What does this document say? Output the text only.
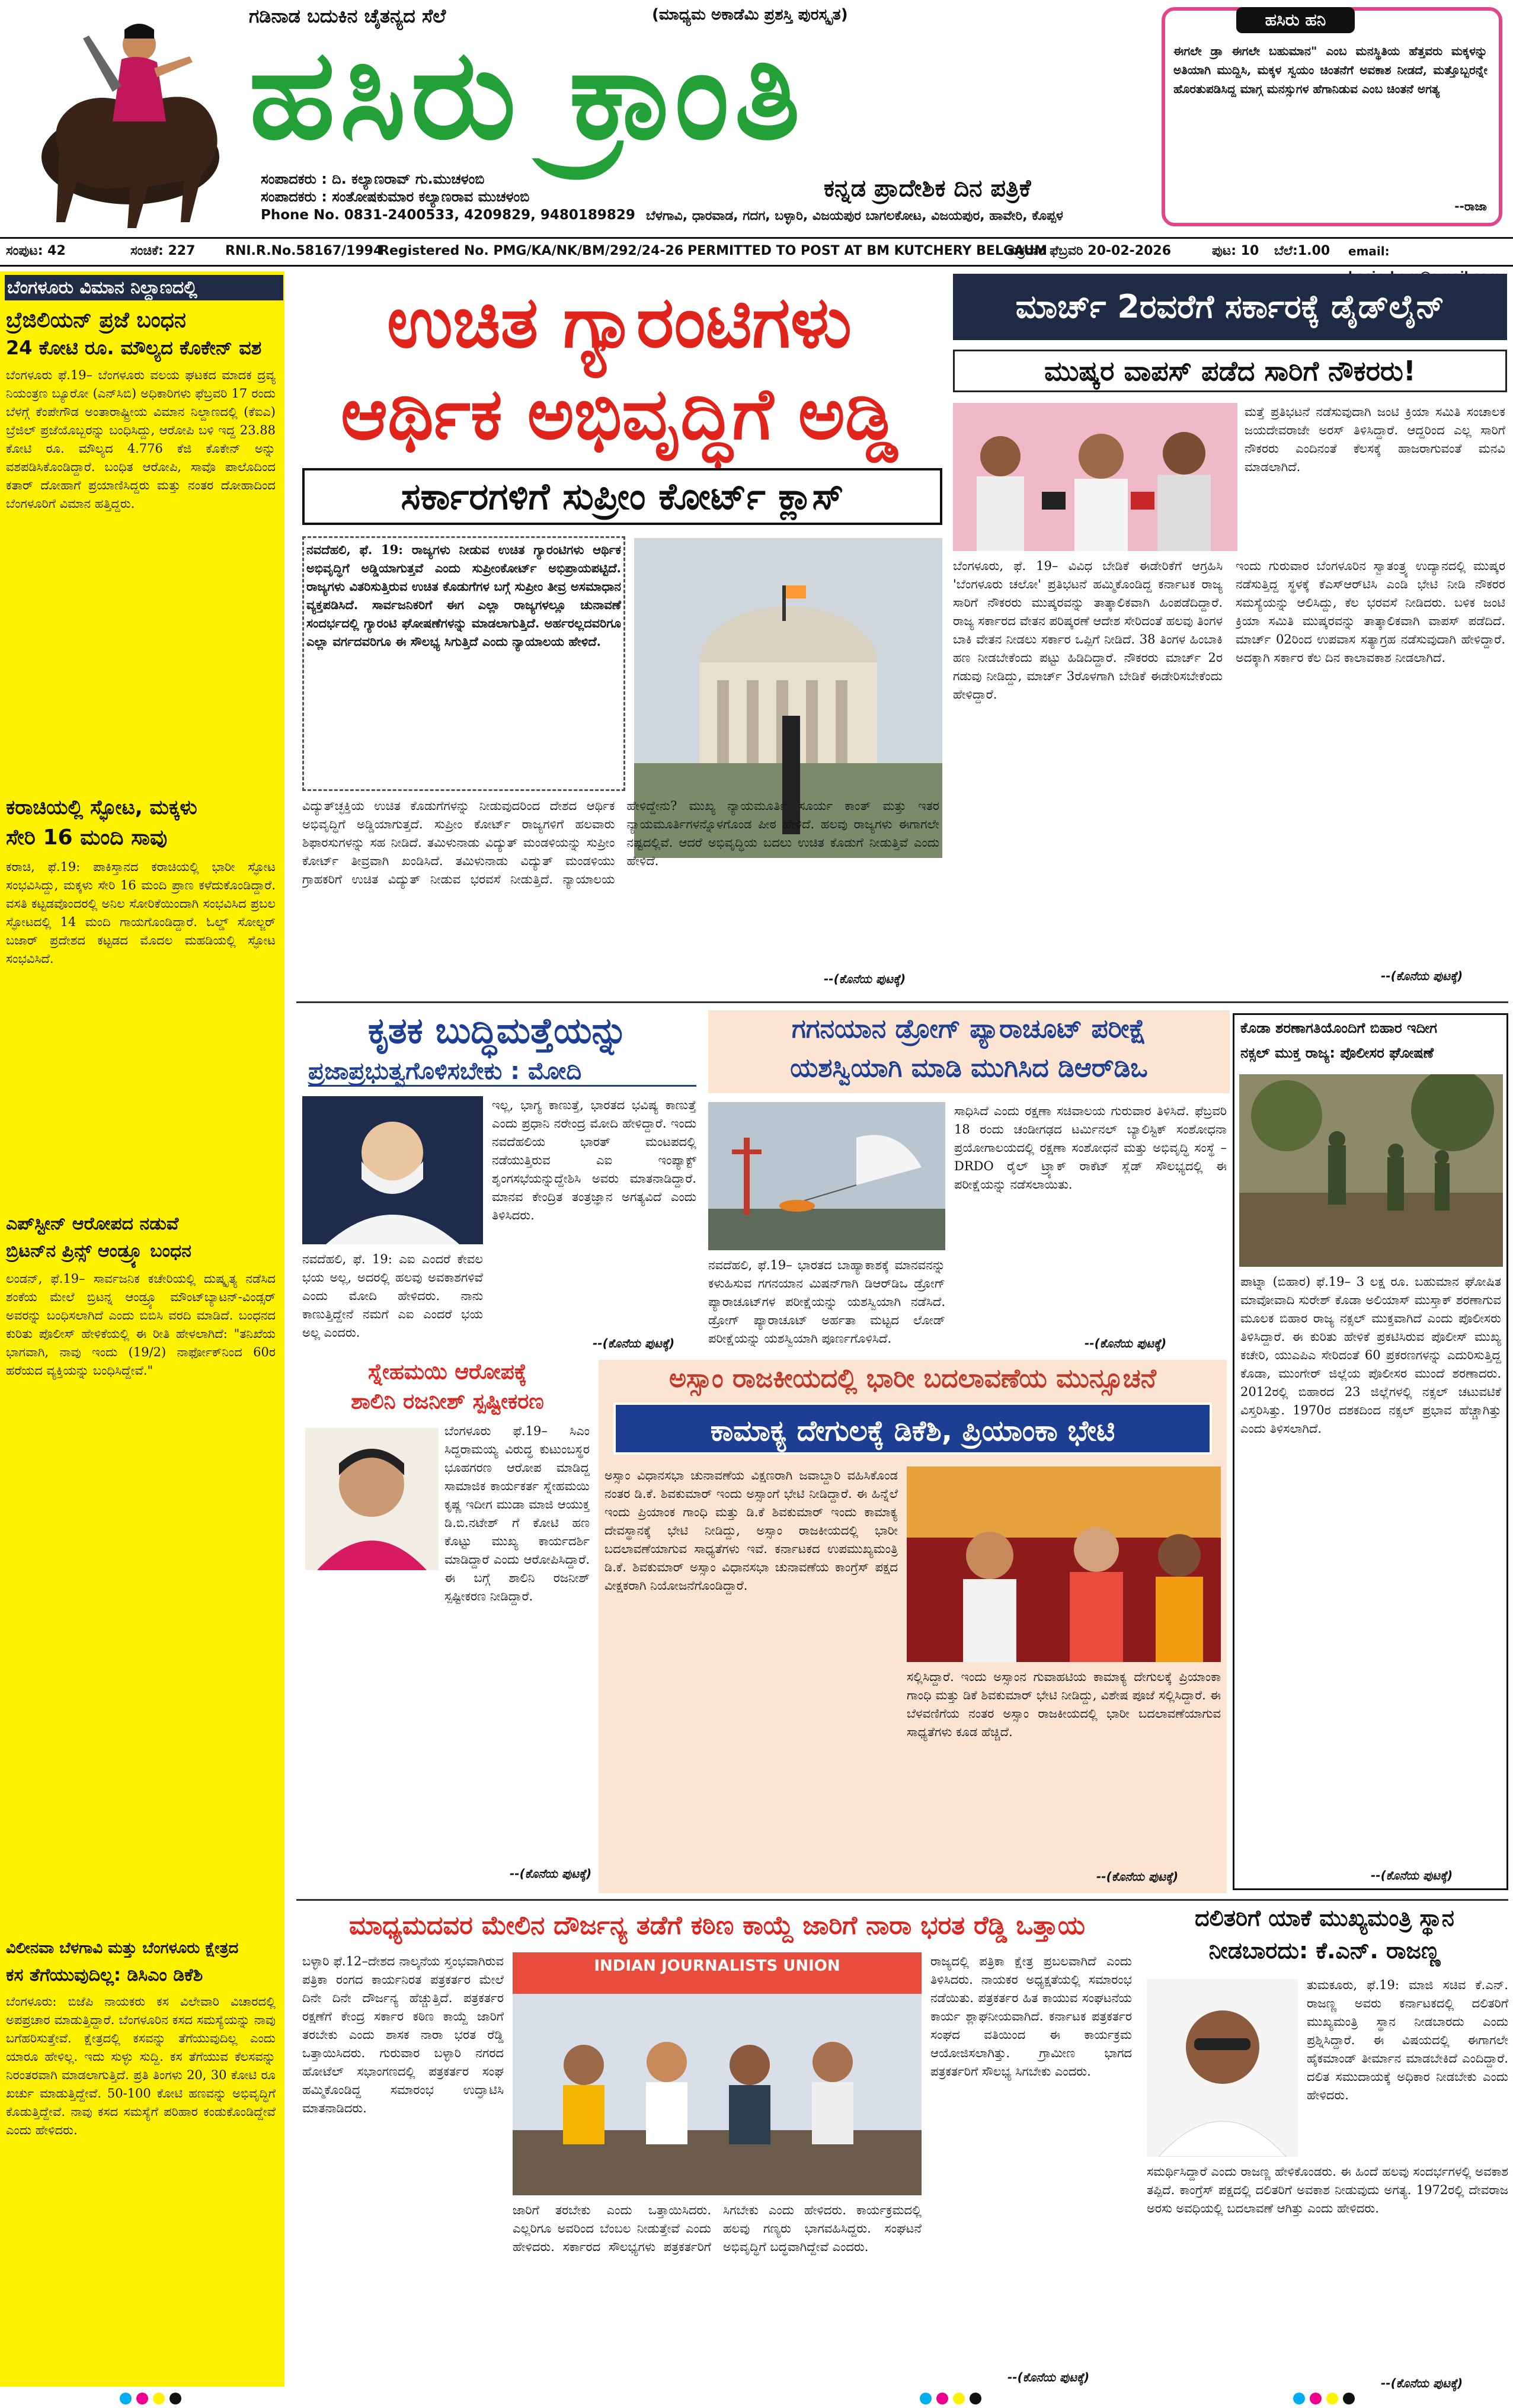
ಗಡಿನಾಡ ಬದುಕಿನ ಚೈತನ್ಯದ ಸೆಲೆ	(ಮಾಧ್ಯಮ ಅಕಾಡೆಮಿ ಪ್ರಶಸ್ತಿ ಪುರಸ್ಕೃತ)
ಹಸಿರು ಕ್ರಾಂತಿ
ಸಂಪಾದಕರು : ದಿ. ಕಲ್ಯಾಣರಾವ್ ಗು.ಮುಚಳಂಬಿ
ಸಂಪಾದಕರು : ಸಂತೋಷಕುಮಾರ ಕಲ್ಯಾಣರಾವ ಮುಚಳಂಬಿ	ಕನ್ನಡ ಪ್ರಾದೇಶಿಕ ದಿನ ಪತ್ರಿಕೆ
Phone No. 0831-2400533, 4209829, 9480189829 ಬೆಳಗಾವಿ, ಧಾರವಾಡ, ಗದಗ, ಬಳ್ಳಾರಿ, ವಿಜಯಪುರ ಬಾಗಲಕೋಟ, ವಿಜಯಪುರ, ಹಾವೇರಿ, ಕೊಪ್ಪಳ
ಹಸಿರು ಹನಿ
ಈಗಲೇ ಡ್ರಾ ಈಗಲೇ ಬಹುಮಾನ" ಎಂಬ ಮನಸ್ಥಿತಿಯ ಹೆತ್ತವರು ಮಕ್ಕಳನ್ನು ಅತಿಯಾಗಿ ಮುದ್ದಿಸಿ, ಮಕ್ಕಳ ಸ್ವಯಂ ಚಿಂತನೆಗೆ ಅವಕಾಶ ನೀಡದೆ, ಮತ್ತೊಬ್ಬರನ್ನೇ ಹೊರತುಪಡಿಸಿದ್ದ ಮಾಗ್ಗ ಮನಸ್ಸುಗಳ ಹೆಗಾನಿಡುವ ಎಂಬ ಚಿಂತನೆ ಅಗತ್ಯ
--ರಾಜಾ
ಸಂಪುಟ: 42	ಸಂಚಿಕೆ: 227 RNI.R.No.58167/1994
Registered No. PMG/KA/NK/BM/292/24-26 PERMITTED TO POST AT BM KUTCHERY BELGAUM
ಶುಕ್ರವಾರ ಫೆಬ್ರವರಿ 20-02-2026	ಪುಟ: 10 ಬೆಲೆ:1.00 email:
ಬೆಂಗಳೂರು ವಿಮಾನ ನಿಲ್ದಾಣದಲ್ಲಿ
ಬ್ರೆಜಿಲಿಯನ್ ಪ್ರಜೆ ಬಂಧನ
24 ಕೋಟಿ ರೂ. ಮೌಲ್ಯದ ಕೊಕೇನ್ ವಶ
ಬೆಂಗಳೂರು ಫೆ.19– ಬೆಂಗಳೂರು ವಲಯ ಘಟಕದ ಮಾದಕ ದ್ರವ್ಯ ನಿಯಂತ್ರಣ ಬ್ಯೂರೋ (ಎನ್‌ಸಿಬಿ) ಅಧಿಕಾರಿಗಳು ಫೆಬ್ರವರಿ 17 ರಂದು ಬೆಳಗ್ಗೆ ಕೆಂಪೇಗೌಡ ಅಂತಾರಾಷ್ಟ್ರೀಯ ವಿಮಾನ ನಿಲ್ದಾಣದಲ್ಲಿ (ಕೆಐಎ) ಬ್ರೆಜಿಲ್ ಪ್ರಜೆಯೊಬ್ಬರನ್ನು ಬಂಧಿಸಿದ್ದು, ಆರೋಪಿ ಬಳಿ ಇದ್ದ 23.88 ಕೋಟಿ ರೂ. ಮೌಲ್ಯದ 4.776 ಕೆಜಿ ಕೊಕೇನ್ ಅನ್ನು ವಶಪಡಿಸಿಕೊಂಡಿದ್ದಾರೆ. ಬಂಧಿತ ಆರೋಪಿ, ಸಾವೊ ಪಾಲೊದಿಂದ ಕತಾರ್ ದೋಹಾಗೆ ಪ್ರಯಾಣಿಸಿದ್ದರು ಮತ್ತು ನಂತರ ದೋಹಾದಿಂದ ಬೆಂಗಳೂರಿಗೆ ವಿಮಾನ ಹತ್ತಿದ್ದರು.
ಕರಾಚಿಯಲ್ಲಿ ಸ್ಫೋಟ, ಮಕ್ಕಳು
ಸೇರಿ 16 ಮಂದಿ ಸಾವು
ಕರಾಚಿ, ಫೆ.19: ಪಾಕಿಸ್ತಾನದ ಕರಾಚಿಯಲ್ಲಿ ಭಾರೀ ಸ್ಫೋಟ ಸಂಭವಿಸಿದ್ದು, ಮಕ್ಕಳು ಸೇರಿ 16 ಮಂದಿ ಪ್ರಾಣ ಕಳೆದುಕೊಂಡಿದ್ದಾರೆ. ವಸತಿ ಕಟ್ಟಡವೊಂದರಲ್ಲಿ ಅನಿಲ ಸೋರಿಕೆಯಿಂದಾಗಿ ಸಂಭವಿಸಿದ ಪ್ರಬಲ ಸ್ಫೋಟದಲ್ಲಿ 14 ಮಂದಿ ಗಾಯಗೊಂಡಿದ್ದಾರೆ. ಓಲ್ಡ್ ಸೋಲ್ಜರ್ ಬಜಾರ್ ಪ್ರದೇಶದ ಕಟ್ಟಡದ ಮೊದಲ ಮಹಡಿಯಲ್ಲಿ ಸ್ಫೋಟ ಸಂಭವಿಸಿದೆ.
ಎಪ್‌ಸ್ಟೀನ್ ಆರೋಪದ ನಡುವೆ
ಬ್ರಿಟನ್‌ನ ಪ್ರಿನ್ಸ್ ಆಂಡ್ರ್ಯೂ ಬಂಧನ
ಲಂಡನ್, ಫೆ.19– ಸಾರ್ವಜನಿಕ ಕಚೇರಿಯಲ್ಲಿ ದುಷ್ಕೃತ್ಯ ನಡೆಸಿದ ಶಂಕೆಯ ಮೇಲೆ ಬ್ರಿಟನ್ನ ಆಂಡ್ರ್ಯೂ ಮೌಂಟ್‌ಬ್ಯಾಟನ್-ವಿಂಡ್ಸರ್ ಅವರನ್ನು ಬಂಧಿಸಲಾಗಿದೆ ಎಂದು ಬಿಬಿಸಿ ವರದಿ ಮಾಡಿದೆ. ಬಂಧನದ ಕುರಿತು ಪೊಲೀಸ್ ಹೇಳಿಕೆಯಲ್ಲಿ ಈ ರೀತಿ ಹೇಳಲಾಗಿದೆ: "ತನಿಖೆಯ ಭಾಗವಾಗಿ, ನಾವು ಇಂದು (19/2) ನಾರ್ಫೋಕ್‌ನಿಂದ 60ರ ಹರೆಯದ ವ್ಯಕ್ತಿಯನ್ನು ಬಂಧಿಸಿದ್ದೇವೆ."
ವಿಲೀನವಾ ಬೆಳಗಾವಿ ಮತ್ತು ಬೆಂಗಳೂರು ಕ್ಷೇತ್ರದ
ಕಸ ತೆಗೆಯುವುದಿಲ್ಲ: ಡಿಸಿಎಂ ಡಿಕೆಶಿ
ಬೆಂಗಳೂರು: ಬಿಜೆಪಿ ನಾಯಕರು ಕಸ ವಿಲೇವಾರಿ ವಿಚಾರದಲ್ಲಿ ಅಪಪ್ರಚಾರ ಮಾಡುತ್ತಿದ್ದಾರೆ. ಬೆಂಗಳೂರಿನ ಕಸದ ಸಮಸ್ಯೆಯನ್ನು ನಾವು ಬಗೆಹರಿಸುತ್ತೇವೆ. ಕ್ಷೇತ್ರದಲ್ಲಿ ಕಸವನ್ನು ತೆಗೆಯುವುದಿಲ್ಲ ಎಂದು ಯಾರೂ ಹೇಳಿಲ್ಲ. ಇದು ಸುಳ್ಳು ಸುದ್ದಿ. ಕಸ ತೆಗೆಯುವ ಕೆಲಸವನ್ನು ನಿರಂತರವಾಗಿ ಮಾಡಲಾಗುತ್ತಿದೆ. ಪ್ರತಿ ತಿಂಗಳು 20, 30 ಕೋಟಿ ರೂ ಖರ್ಚು ಮಾಡುತ್ತಿದ್ದೇವೆ. 50-100 ಕೋಟಿ ಹಣವನ್ನು ಅಭಿವೃದ್ಧಿಗೆ ಕೊಡುತ್ತಿದ್ದೇವೆ. ನಾವು ಕಸದ ಸಮಸ್ಯೆಗೆ ಪರಿಹಾರ ಕಂಡುಕೊಂಡಿದ್ದೇವೆ ಎಂದು ಹೇಳಿದರು.
ಉಚಿತ ಗ್ಯಾರಂಟಿಗಳು
ಆರ್ಥಿಕ ಅಭಿವೃದ್ಧಿಗೆ ಅಡ್ಡಿ
ಸರ್ಕಾರಗಳಿಗೆ ಸುಪ್ರೀಂ ಕೋರ್ಟ್ ಕ್ಲಾಸ್
ನವದೆಹಲಿ, ಫೆ. 19: ರಾಜ್ಯಗಳು ನೀಡುವ ಉಚಿತ ಗ್ಯಾರಂಟಿಗಳು ಆರ್ಥಿಕ ಅಭಿವೃದ್ಧಿಗೆ ಅಡ್ಡಿಯಾಗುತ್ತವೆ ಎಂದು ಸುಪ್ರೀಂಕೋರ್ಟ್ ಅಭಿಪ್ರಾಯಪಟ್ಟಿದೆ. ರಾಜ್ಯಗಳು ವಿತರಿಸುತ್ತಿರುವ ಉಚಿತ ಕೊಡುಗೆಗಳ ಬಗ್ಗೆ ಸುಪ್ರೀಂ ತೀವ್ರ ಅಸಮಾಧಾನ ವ್ಯಕ್ತಪಡಿಸಿದೆ. ಸಾರ್ವಜನಿಕರಿಗೆ ಈಗ ಎಲ್ಲಾ ರಾಜ್ಯಗಳಲ್ಲೂ ಚುನಾವಣೆ ಸಂದರ್ಭದಲ್ಲಿ ಗ್ಯಾರಂಟಿ ಘೋಷಣೆಗಳನ್ನು ಮಾಡಲಾಗುತ್ತಿದೆ. ಅರ್ಹರಲ್ಲದವರಿಗೂ ಎಲ್ಲಾ ವರ್ಗದವರಿಗೂ ಈ ಸೌಲಭ್ಯ ಸಿಗುತ್ತಿದೆ ಎಂದು ನ್ಯಾಯಾಲಯ ಹೇಳಿದೆ.
ವಿದ್ಯುತ್‌ಚ್ಛಕ್ತಿಯ ಉಚಿತ ಕೊಡುಗೆಗಳನ್ನು ನೀಡುವುದರಿಂದ ದೇಶದ ಆರ್ಥಿಕ ಅಭಿವೃದ್ಧಿಗೆ ಅಡ್ಡಿಯಾಗುತ್ತದೆ. ಸುಪ್ರೀಂ ಕೋರ್ಟ್ ರಾಜ್ಯಗಳಿಗೆ ಹಲವಾರು ಶಿಫಾರಸುಗಳನ್ನು ಸಹ ನೀಡಿದೆ. ತಮಿಳುನಾಡು ವಿದ್ಯುತ್ ಮಂಡಳಿಯನ್ನು ಸುಪ್ರೀಂ ಕೋರ್ಟ್ ತೀವ್ರವಾಗಿ ಖಂಡಿಸಿದೆ. ತಮಿಳುನಾಡು ವಿದ್ಯುತ್ ಮಂಡಳಿಯು ಗ್ರಾಹಕರಿಗೆ ಉಚಿತ ವಿದ್ಯುತ್ ನೀಡುವ ಭರವಸೆ ನೀಡುತ್ತಿದೆ. ನ್ಯಾಯಾಲಯ ಹೇಳಿದ್ದೇನು? ಮುಖ್ಯ ನ್ಯಾಯಮೂರ್ತಿ ಸೂರ್ಯ ಕಾಂತ್ ಮತ್ತು ಇತರ ನ್ಯಾಯಮೂರ್ತಿಗಳನ್ನೊಳಗೊಂಡ ಪೀಠ ಹೇಳಿದೆ. ಹಲವು ರಾಜ್ಯಗಳು ಈಗಾಗಲೇ ನಷ್ಟದಲ್ಲಿವೆ. ಆದರೆ ಅಭಿವೃದ್ಧಿಯ ಬದಲು ಉಚಿತ ಕೊಡುಗೆ ನೀಡುತ್ತಿವೆ ಎಂದು ಹೇಳಿದೆ.
--(ಕೊನೆಯ ಪುಟಕ್ಕೆ)
ಮಾರ್ಚ್ 2ರವರೆಗೆ ಸರ್ಕಾರಕ್ಕೆ ಡೈಡ್‌ಲೈನ್
ಮುಷ್ಕರ ವಾಪಸ್ ಪಡೆದ ಸಾರಿಗೆ ನೌಕರರು!
ಮತ್ತೆ ಪ್ರತಿಭಟನೆ ನಡೆಸುವುದಾಗಿ ಜಂಟಿ ಕ್ರಿಯಾ ಸಮಿತಿ ಸಂಚಾಲಕ ಜಯದೇವರಾಜೇ ಅರಸ್ ತಿಳಿಸಿದ್ದಾರೆ. ಆದ್ದರಿಂದ ಎಲ್ಲ ಸಾರಿಗೆ ನೌಕರರು ಎಂದಿನಂತೆ ಕೆಲಸಕ್ಕೆ ಹಾಜರಾಗುವಂತೆ ಮನವಿ ಮಾಡಲಾಗಿದೆ.
ಬೆಂಗಳೂರು, ಫೆ. 19– ವಿವಿಧ ಬೇಡಿಕೆ ಈಡೇರಿಕೆಗೆ ಆಗ್ರಹಿಸಿ 'ಬೆಂಗಳೂರು ಚಲೋ' ಪ್ರತಿಭಟನೆ ಹಮ್ಮಿಕೊಂಡಿದ್ದ ಕರ್ನಾಟಕ ರಾಜ್ಯ ಸಾರಿಗೆ ನೌಕರರು ಮುಷ್ಕರವನ್ನು ತಾತ್ಕಾಲಿಕವಾಗಿ ಹಿಂಪಡೆದಿದ್ದಾರೆ. ರಾಜ್ಯ ಸರ್ಕಾರದ ವೇತನ ಪರಿಷ್ಕರಣೆ ಆದೇಶ ಸೇರಿದಂತೆ ಹಲವು ತಿಂಗಳ ಬಾಕಿ ವೇತನ ನೀಡಲು ಸರ್ಕಾರ ಒಪ್ಪಿಗೆ ನೀಡಿದೆ. 38 ತಿಂಗಳ ಹಿಂಬಾಕಿ ಹಣ ನೀಡಬೇಕೆಂದು ಪಟ್ಟು ಹಿಡಿದಿದ್ದಾರೆ. ನೌಕರರು ಮಾರ್ಚ್ 2ರ ಗಡುವು ನೀಡಿದ್ದು, ಮಾರ್ಚ್ 3ರೊಳಗಾಗಿ ಬೇಡಿಕೆ ಈಡೇರಿಸಬೇಕೆಂದು ಹೇಳಿದ್ದಾರೆ.
ಇಂದು ಗುರುವಾರ ಬೆಂಗಳೂರಿನ ಸ್ವಾತಂತ್ರ್ಯ ಉದ್ಯಾನದಲ್ಲಿ ಮುಷ್ಕರ ನಡೆಸುತ್ತಿದ್ದ ಸ್ಥಳಕ್ಕೆ ಕೆಎಸ್ಆರ್‌ಟಿಸಿ ಎಂಡಿ ಭೇಟಿ ನೀಡಿ ನೌಕರರ ಸಮಸ್ಯೆಯನ್ನು ಆಲಿಸಿದ್ದು, ಕೆಲ ಭರವಸೆ ನೀಡಿದರು. ಬಳಿಕ ಜಂಟಿ ಕ್ರಿಯಾ ಸಮಿತಿ ಮುಷ್ಕರವನ್ನು ತಾತ್ಕಾಲಿಕವಾಗಿ ವಾಪಸ್ ಪಡೆದಿದೆ. ಮಾರ್ಚ್ 02ರಿಂದ ಉಪವಾಸ ಸತ್ಯಾಗ್ರಹ ನಡೆಸುವುದಾಗಿ ಹೇಳಿದ್ದಾರೆ. ಅದಕ್ಕಾಗಿ ಸರ್ಕಾರ ಕೆಲ ದಿನ ಕಾಲಾವಕಾಶ ನೀಡಲಾಗಿದೆ.
--(ಕೊನೆಯ ಪುಟಕ್ಕೆ)
ಕೃತಕ ಬುದ್ಧಿಮತ್ತೆಯನ್ನು
ಪ್ರಜಾಪ್ರಭುತ್ವಗೊಳಿಸಬೇಕು : ಮೋದಿ
ಇಲ್ಲ, ಭಾಗ್ಯ ಕಾಣುತ್ತೆ, ಭಾರತದ ಭವಿಷ್ಯ ಕಾಣುತ್ತೆ ಎಂದು ಪ್ರಧಾನಿ ನರೇಂದ್ರ ಮೋದಿ ಹೇಳಿದ್ದಾರೆ. ಇಂದು ನವದೆಹಲಿಯ ಭಾರತ್ ಮಂಟಪದಲ್ಲಿ ನಡೆಯುತ್ತಿರುವ ಎಐ ಇಂಪ್ಯಾಕ್ಟ್ ಶೃಂಗಸಭೆಯನ್ನುದ್ದೇಶಿಸಿ ಅವರು ಮಾತನಾಡಿದ್ದಾರೆ. ಮಾನವ ಕೇಂದ್ರಿತ ತಂತ್ರಜ್ಞಾನ ಅಗತ್ಯವಿದೆ ಎಂದು ತಿಳಿಸಿದರು.
ನವದೆಹಲಿ, ಫೆ. 19: ಎಐ ಎಂದರೆ ಕೇವಲ ಭಯ ಅಲ್ಲ, ಅದರಲ್ಲಿ ಹಲವು ಅವಕಾಶಗಳಿವೆ ಎಂದು ಮೋದಿ ಹೇಳಿದರು. ನಾನು ಕಾಣುತ್ತಿದ್ದೇನೆ ನಮಗೆ ಎಐ ಎಂದರೆ ಭಯ ಅಲ್ಲ ಎಂದರು.
--(ಕೊನೆಯ ಪುಟಕ್ಕೆ)
ಗಗನಯಾನ ಡ್ರೋಗ್ ಪ್ಯಾರಾಚೂಟ್ ಪರೀಕ್ಷೆ
ಯಶಸ್ವಿಯಾಗಿ ಮಾಡಿ ಮುಗಿಸಿದ ಡಿಆರ್‌ಡಿಒ
ಸಾಧಿಸಿದೆ ಎಂದು ರಕ್ಷಣಾ ಸಚಿವಾಲಯ ಗುರುವಾರ ತಿಳಿಸಿದೆ. ಫೆಬ್ರವರಿ 18 ರಂದು ಚಂಡೀಗಢದ ಟರ್ಮಿನಲ್ ಬ್ಯಾಲಿಸ್ಟಿಕ್ ಸಂಶೋಧನಾ ಪ್ರಯೋಗಾಲಯದಲ್ಲಿ ರಕ್ಷಣಾ ಸಂಶೋಧನೆ ಮತ್ತು ಅಭಿವೃದ್ಧಿ ಸಂಸ್ಥೆ –DRDO ರೈಲ್ ಟ್ರ್ಯಾಕ್ ರಾಕೆಟ್ ಸ್ಲೆಡ್ ಸೌಲಭ್ಯದಲ್ಲಿ ಈ ಪರೀಕ್ಷೆಯನ್ನು ನಡೆಸಲಾಯಿತು.
ನವದೆಹಲಿ, ಫೆ.19– ಭಾರತದ ಬಾಹ್ಯಾಕಾಶಕ್ಕೆ ಮಾನವನನ್ನು ಕಳುಹಿಸುವ ಗಗನಯಾನ ಮಿಷನ್‌ಗಾಗಿ ಡಿಆರ್‌ಡಿಒ ಡ್ರೋಗ್ ಪ್ಯಾರಾಚೂಟ್‌ಗಳ ಪರೀಕ್ಷೆಯನ್ನು ಯಶಸ್ವಿಯಾಗಿ ನಡೆಸಿದೆ. ಡ್ರೋಗ್ ಪ್ಯಾರಾಚೂಟ್ ಅರ್ಹತಾ ಮಟ್ಟದ ಲೋಡ್ ಪರೀಕ್ಷೆಯನ್ನು ಯಶಸ್ವಿಯಾಗಿ ಪೂರ್ಣಗೊಳಿಸಿದೆ.	--(ಕೊನೆಯ ಪುಟಕ್ಕೆ)
ಕೊಡಾ ಶರಣಾಗತಿಯೊಂದಿಗೆ ಬಿಹಾರ ಇದೀಗ
ನಕ್ಸಲ್ ಮುಕ್ತ ರಾಜ್ಯ: ಪೊಲೀಸರ ಘೋಷಣೆ
ಪಾಟ್ನಾ (ಬಿಹಾರ) ಫೆ.19– 3 ಲಕ್ಷ ರೂ. ಬಹುಮಾನ ಘೋಷಿತ ಮಾವೋವಾದಿ ಸುರೇಶ್ ಕೊಡಾ ಅಲಿಯಾಸ್ ಮುಸ್ತಾಕ್ ಶರಣಾಗುವ ಮೂಲಕ ಬಿಹಾರ ರಾಜ್ಯ ನಕ್ಸಲ್ ಮುಕ್ತವಾಗಿದೆ ಎಂದು ಪೊಲೀಸರು ತಿಳಿಸಿದ್ದಾರೆ. ಈ ಕುರಿತು ಹೇಳಿಕೆ ಪ್ರಕಟಿಸಿರುವ ಪೊಲೀಸ್ ಮುಖ್ಯ ಕಚೇರಿ, ಯುಎಪಿಎ ಸೇರಿದಂತೆ 60 ಪ್ರಕರಣಗಳನ್ನು ಎದುರಿಸುತ್ತಿದ್ದ ಕೊಡಾ, ಮುಂಗೇರ್ ಜಿಲ್ಲೆಯ ಪೊಲೀಸರ ಮುಂದೆ ಶರಣಾದರು. 2012ರಲ್ಲಿ ಬಿಹಾರದ 23 ಜಿಲ್ಲೆಗಳಲ್ಲಿ ನಕ್ಸಲ್ ಚಟುವಟಿಕೆ ವಿಸ್ತರಿಸಿತ್ತು. 1970ರ ದಶಕದಿಂದ ನಕ್ಸಲ್ ಪ್ರಭಾವ ಹೆಚ್ಚಾಗಿತ್ತು ಎಂದು ತಿಳಿಸಲಾಗಿದೆ.
--(ಕೊನೆಯ ಪುಟಕ್ಕೆ)
ಸ್ನೇಹಮಯಿ ಆರೋಪಕ್ಕೆ
ಶಾಲಿನಿ ರಜನೀಶ್ ಸ್ಪಷ್ಟೀಕರಣ
ಬೆಂಗಳೂರು ಫೆ.19– ಸಿಎಂ ಸಿದ್ದರಾಮಯ್ಯ ವಿರುದ್ಧ ಕುಟುಂಬಸ್ಥರ ಭೂಹಗರಣ ಆರೋಪ ಮಾಡಿದ್ದ ಸಾಮಾಜಿಕ ಕಾರ್ಯಕರ್ತ ಸ್ನೇಹಮಯಿ ಕೃಷ್ಣ ಇದೀಗ ಮುಡಾ ಮಾಜಿ ಆಯುಕ್ತ ಡಿ.ಬಿ.ನಟೇಶ್ ಗೆ ಕೋಟಿ ಹಣ ಕೊಟ್ಟು ಮುಖ್ಯ ಕಾರ್ಯದರ್ಶಿ ಮಾಡಿದ್ದಾರೆ ಎಂದು ಆರೋಪಿಸಿದ್ದಾರೆ. ಈ ಬಗ್ಗೆ ಶಾಲಿನಿ ರಜನೀಶ್ ಸ್ಪಷ್ಟೀಕರಣ ನೀಡಿದ್ದಾರೆ.
--(ಕೊನೆಯ ಪುಟಕ್ಕೆ)
ಅಸ್ಸಾಂ ರಾಜಕೀಯದಲ್ಲಿ ಭಾರೀ ಬದಲಾವಣೆಯ ಮುನ್ಸೂಚನೆ
ಕಾಮಾಕ್ಯ ದೇಗುಲಕ್ಕೆ ಡಿಕೆಶಿ, ಪ್ರಿಯಾಂಕಾ ಭೇಟಿ
ಅಸ್ಸಾಂ ವಿಧಾನಸಭಾ ಚುನಾವಣೆಯ ವಿಕ್ಷಣರಾಗಿ ಜವಾಬ್ದಾರಿ ವಹಿಸಿಕೊಂಡ ನಂತರ ಡಿ.ಕೆ. ಶಿವಕುಮಾರ್ ಇಂದು ಅಸ್ಸಾಂಗೆ ಭೇಟಿ ನೀಡಿದ್ದಾರೆ. ಈ ಹಿನ್ನೆಲೆ ಇಂದು ಪ್ರಿಯಾಂಕ ಗಾಂಧಿ ಮತ್ತು ಡಿ.ಕೆ ಶಿವಕುಮಾರ್ ಇಂದು ಕಾಮಾಕ್ಯ ದೇವಸ್ಥಾನಕ್ಕೆ ಭೇಟಿ ನೀಡಿದ್ದು, ಅಸ್ಸಾಂ ರಾಜಕೀಯದಲ್ಲಿ ಭಾರೀ ಬದಲಾವಣೆಯಾಗುವ ಸಾಧ್ಯತೆಗಳು ಇವೆ. ಕರ್ನಾಟಕದ ಉಪಮುಖ್ಯಮಂತ್ರಿ ಡಿ.ಕೆ. ಶಿವಕುಮಾರ್ ಅಸ್ಸಾಂ ವಿಧಾನಸಭಾ ಚುನಾವಣೆಯ ಕಾಂಗ್ರೆಸ್ ಪಕ್ಷದ ವೀಕ್ಷಕರಾಗಿ ನಿಯೋಜನೆಗೊಂಡಿದ್ದಾರೆ.
ಸಲ್ಲಿಸಿದ್ದಾರೆ. ಇಂದು ಅಸ್ಸಾಂನ ಗುವಾಹಟಿಯ ಕಾಮಾಕ್ಯ ದೇಗುಲಕ್ಕೆ ಪ್ರಿಯಾಂಕಾ ಗಾಂಧಿ ಮತ್ತು ಡಿಕೆ ಶಿವಕುಮಾರ್ ಭೇಟಿ ನೀಡಿದ್ದು, ವಿಶೇಷ ಪೂಜೆ ಸಲ್ಲಿಸಿದ್ದಾರೆ. ಈ ಬೆಳವಣಿಗೆಯ ನಂತರ ಅಸ್ಸಾಂ ರಾಜಕೀಯದಲ್ಲಿ ಭಾರೀ ಬದಲಾವಣೆಯಾಗುವ ಸಾಧ್ಯತೆಗಳು ಕೂಡ ಹೆಚ್ಚಿದೆ.
--(ಕೊನೆಯ ಪುಟಕ್ಕೆ)
ಮಾಧ್ಯಮದವರ ಮೇಲಿನ ದೌರ್ಜನ್ಯ ತಡೆಗೆ ಕಠಿಣ ಕಾಯ್ದೆ ಜಾರಿಗೆ ನಾರಾ ಭರತ ರೆಡ್ಡಿ ಒತ್ತಾಯ
ಬಳ್ಳಾರಿ ಫೆ.12–ದೇಶದ ನಾಲ್ಕನೆಯ ಸ್ತಂಭವಾಗಿರುವ ಪತ್ರಿಕಾ ರಂಗದ ಕಾರ್ಯನಿರತ ಪತ್ರಕರ್ತರ ಮೇಲೆ ದಿನೇ ದಿನೇ ದೌರ್ಜನ್ಯ ಹೆಚ್ಚುತ್ತಿದೆ. ಪತ್ರಕರ್ತರ ರಕ್ಷಣೆಗೆ ಕೇಂದ್ರ ಸರ್ಕಾರ ಕಠಿಣ ಕಾಯ್ದೆ ಜಾರಿಗೆ ತರಬೇಕು ಎಂದು ಶಾಸಕ ನಾರಾ ಭರತ ರೆಡ್ಡಿ ಒತ್ತಾಯಿಸಿದರು. ಗುರುವಾರ ಬಳ್ಳಾರಿ ನಗರದ ಹೋಟೆಲ್ ಸಭಾಂಗಣದಲ್ಲಿ ಪತ್ರಕರ್ತರ ಸಂಘ ಹಮ್ಮಿಕೊಂಡಿದ್ದ ಸಮಾರಂಭ ಉದ್ಘಾಟಿಸಿ ಮಾತನಾಡಿದರು.
INDIAN JOURNALISTS UNION
ಜಾರಿಗೆ ತರಬೇಕು ಎಂದು ಒತ್ತಾಯಿಸಿದರು. ಎಲ್ಲರಿಗೂ ಅವರಿಂದ ಬೆಂಬಲ ನೀಡುತ್ತೇವೆ ಎಂದು ಹೇಳಿದರು. ಸರ್ಕಾರದ ಸೌಲಭ್ಯಗಳು ಪತ್ರಕರ್ತರಿಗೆ ಸಿಗಬೇಕು ಎಂದು ಹೇಳಿದರು. ಕಾರ್ಯಕ್ರಮದಲ್ಲಿ ಹಲವು ಗಣ್ಯರು ಭಾಗವಹಿಸಿದ್ದರು. ಸಂಘಟನೆ ಅಭಿವೃದ್ಧಿಗೆ ಬದ್ಧವಾಗಿದ್ದೇವೆ ಎಂದರು.
ರಾಜ್ಯದಲ್ಲಿ ಪತ್ರಿಕಾ ಕ್ಷೇತ್ರ ಪ್ರಬಲವಾಗಿದೆ ಎಂದು ತಿಳಿಸಿದರು. ನಾಯಕರ ಅಧ್ಯಕ್ಷತೆಯಲ್ಲಿ ಸಮಾರಂಭ ನಡೆಯಿತು. ಪತ್ರಕರ್ತರ ಹಿತ ಕಾಯುವ ಸಂಘಟನೆಯ ಕಾರ್ಯ ಶ್ಲಾಘನೀಯವಾಗಿದೆ. ಕರ್ನಾಟಕ ಪತ್ರಕರ್ತರ ಸಂಘದ ವತಿಯಿಂದ ಈ ಕಾರ್ಯಕ್ರಮ ಆಯೋಜಿಸಲಾಗಿತ್ತು. ಗ್ರಾಮೀಣ ಭಾಗದ ಪತ್ರಕರ್ತರಿಗೆ ಸೌಲಭ್ಯ ಸಿಗಬೇಕು ಎಂದರು.
--(ಕೊನೆಯ ಪುಟಕ್ಕೆ)
ದಲಿತರಿಗೆ ಯಾಕೆ ಮುಖ್ಯಮಂತ್ರಿ ಸ್ಥಾನ
ನೀಡಬಾರದು: ಕೆ.ಎನ್. ರಾಜಣ್ಣ
ತುಮಕೂರು, ಫೆ.19: ಮಾಜಿ ಸಚಿವ ಕೆ.ಎನ್. ರಾಜಣ್ಣ ಅವರು ಕರ್ನಾಟಕದಲ್ಲಿ ದಲಿತರಿಗೆ ಮುಖ್ಯಮಂತ್ರಿ ಸ್ಥಾನ ನೀಡಬಾರದು ಎಂದು ಪ್ರಶ್ನಿಸಿದ್ದಾರೆ. ಈ ವಿಷಯದಲ್ಲಿ ಈಗಾಗಲೇ ಹೈಕಮಾಂಡ್ ತೀರ್ಮಾನ ಮಾಡಬೇಕಿದೆ ಎಂದಿದ್ದಾರೆ. ದಲಿತ ಸಮುದಾಯಕ್ಕೆ ಅಧಿಕಾರ ನೀಡಬೇಕು ಎಂದು ಹೇಳಿದರು.
ಸಮರ್ಥಿಸಿದ್ದಾರೆ ಎಂದು ರಾಜಣ್ಣ ಹೇಳಿಕೊಂಡರು. ಈ ಹಿಂದೆ ಹಲವು ಸಂದರ್ಭಗಳಲ್ಲಿ ಅವಕಾಶ ತಪ್ಪಿದೆ. ಕಾಂಗ್ರೆಸ್ ಪಕ್ಷದಲ್ಲಿ ದಲಿತರಿಗೆ ಅವಕಾಶ ನೀಡುವುದು ಅಗತ್ಯ. 1972ರಲ್ಲಿ ದೇವರಾಜ ಅರಸು ಅವಧಿಯಲ್ಲಿ ಬದಲಾವಣೆ ಆಗಿತ್ತು ಎಂದು ಹೇಳಿದರು.
--(ಕೊನೆಯ ಪುಟಕ್ಕೆ)
